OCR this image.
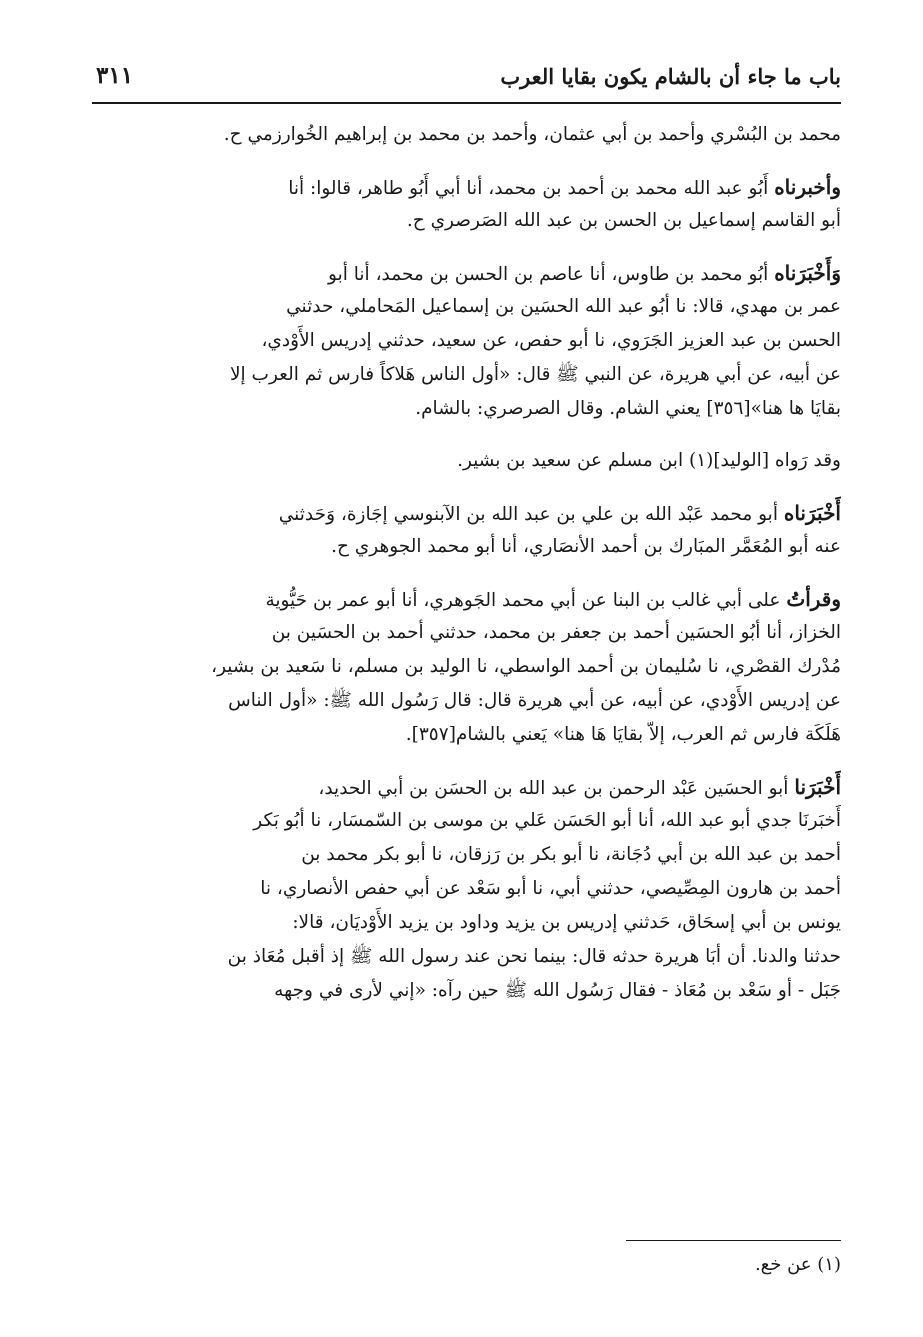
باب ما جاء أن بالشام يكون بقايا العرب
٣١١
محمد بن البُسْري وأحمد بن أبي عثمان، وأحمد بن محمد بن إبراهيم الخُوارزمي ح.
وأخبرناه أَبُو عبد الله محمد بن أحمد بن محمد، أنا أبي أَبُو طاهر، قالوا: أنا
أبو القاسم إسماعيل بن الحسن بن عبد الله الصَرصري ح.
وَأَخْبَرَناه أبُو محمد بن طاوس، أنا عاصم بن الحسن بن محمد، أنا أبو
عمر بن مهدي، قالا: نا أبُو عبد الله الحسَين بن إسماعيل المَحاملي، حدثني
الحسن بن عبد العزيز الجَرَوي، نا أبو حفص، عن سعيد، حدثني إدريس الأَوْدي،
عن أبيه، عن أبي هريرة، عن النبي ﷺ قال: «أول الناس هَلاكاً فارس ثم العرب إلا
بقايَا ها هنا»[٣٥٦] يعني الشام. وقال الصرصري: بالشام.
وقد رَواه [الوليد](١) ابن مسلم عن سعيد بن بشير.
أَخْبَرَناه أبو محمد عَبْد الله بن علي بن عبد الله بن الآبنوسي إجَازة، وَحَدثني
عنه أبو المُعَمَّر المبَارك بن أحمد الأنصَاري، أنا أبو محمد الجوهري ح.
وقرأتُ على أبي غالب بن البنا عن أبي محمد الجَوهري، أنا أبو عمر بن حَيُّوية
الخزاز، أنا أبُو الحسَين أحمد بن جعفر بن محمد، حدثني أحمد بن الحسَين بن
مُدْرك القصْري، نا سُليمان بن أحمد الواسطي، نا الوليد بن مسلم، نا سَعيد بن بشير،
عن إدريس الأَوْدي، عن أبيه، عن أبي هريرة قال: قال رَسُول الله ﷺ: «أول الناس
هَلَكَة فارس ثم العرب، إلاّ بقايَا هَا هنا» يَعني بالشام[٣٥٧].
أَخْبَرَنا أبو الحسَين عَبْد الرحمن بن عبد الله بن الحسَن بن أبي الحديد،
أَخبَرنَا جدي أبو عبد الله، أنا أبو الحَسَن عَلي بن موسى بن السّمسَار، نا أبُو بَكر
أحمد بن عبد الله بن أبي دُجَانة، نا أبو بكر بن رَزقان، نا أبو بكر محمد بن
أحمد بن هارون المِصِّيصي، حدثني أبي، نا أبو سَعْد عن أبي حفص الأنصاري، نا
يونس بن أبي إسحَاق، حَدثني إدريس بن يزيد وداود بن يزيد الأَوْديَان، قالا:
حدثنا والدنا. أن أبَا هريرة حدثه قال: بينما نحن عند رسول الله ﷺ إذ أقبل مُعَاذ بن
جَبَل - أو سَعْد بن مُعَاذ - فقال رَسُول الله ﷺ حين رآه: «إني لأرى في وجهه
(١) عن خع.
